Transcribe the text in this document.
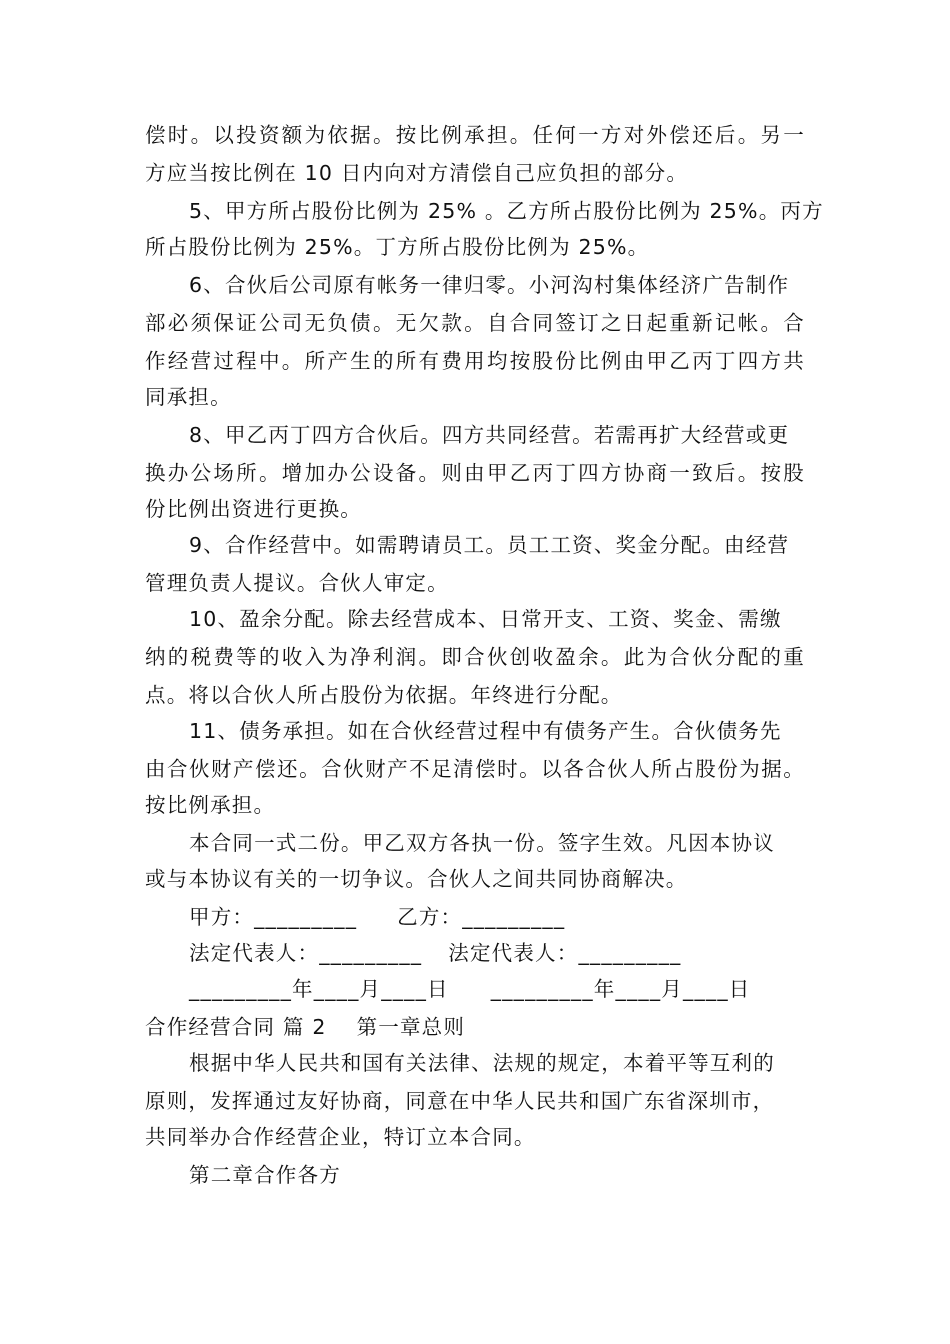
偿时。以投资额为依据。按比例承担。任何一方对外偿还后。另一
方应当按比例在 10 日内向对方清偿自己应负担的部分。
5、甲方所占股份比例为 25% 。乙方所占股份比例为 25%。丙方
所占股份比例为 25%。丁方所占股份比例为 25%。
6、合伙后公司原有帐务一律归零。小河沟村集体经济广告制作
部必须保证公司无负债。无欠款。自合同签订之日起重新记帐。合
作经营过程中。所产生的所有费用均按股份比例由甲乙丙丁四方共
同承担。
8、甲乙丙丁四方合伙后。四方共同经营。若需再扩大经营或更
换办公场所。增加办公设备。则由甲乙丙丁四方协商一致后。按股
份比例出资进行更换。
9、合作经营中。如需聘请员工。员工工资、奖金分配。由经营
管理负责人提议。合伙人审定。
10、盈余分配。除去经营成本、日常开支、工资、奖金、需缴
纳的税费等的收入为净利润。即合伙创收盈余。此为合伙分配的重
点。将以合伙人所占股份为依据。年终进行分配。
11、债务承担。如在合伙经营过程中有债务产生。合伙债务先
由合伙财产偿还。合伙财产不足清偿时。以各合伙人所占股份为据。
按比例承担。
本合同一式二份。甲乙双方各执一份。签字生效。凡因本协议
或与本协议有关的一切争议。合伙人之间共同协商解决。
甲方：_________ 乙方：_________
法定代表人：_________ 法定代表人：_________
_________年____月____日 _________年____月____日
合作经营合同 篇 2 第一章总则
根据中华人民共和国有关法律、法规的规定，本着平等互利的
原则，发挥通过友好协商，同意在中华人民共和国广东省深圳市，
共同举办合作经营企业，特订立本合同。
第二章合作各方
